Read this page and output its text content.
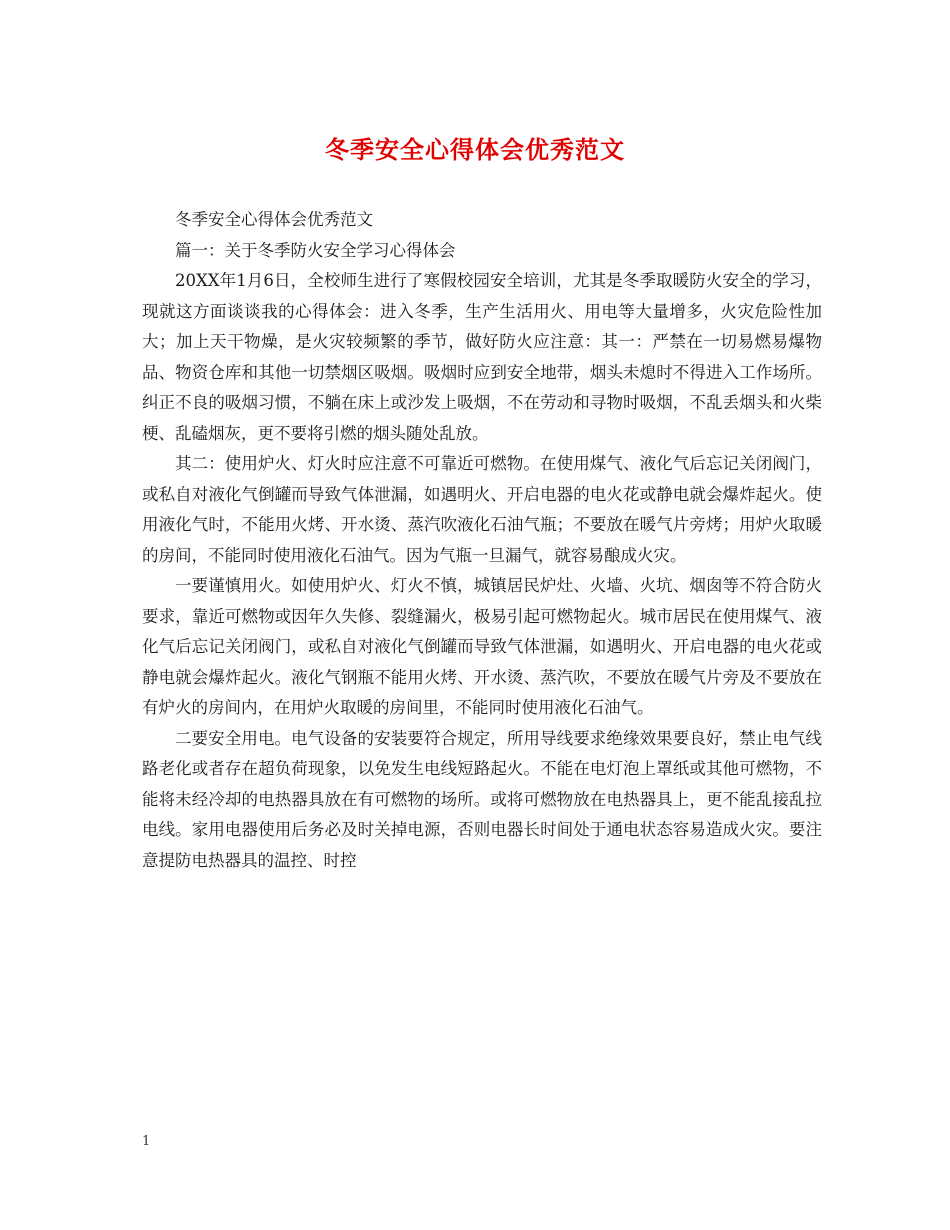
冬季安全心得体会优秀范文

冬季安全心得体会优秀范文

篇一：关于冬季防火安全学习心得体会

20XX年1月6日，全校师生进行了寒假校园安全培训，尤其是冬季取暖防火安全的学习，现就这方面谈谈我的心得体会：进入冬季，生产生活用火、用电等大量增多，火灾危险性加大；加上天干物燥，是火灾较频繁的季节，做好防火应注意：其一：严禁在一切易燃易爆物品、物资仓库和其他一切禁烟区吸烟。吸烟时应到安全地带，烟头未熄时不得进入工作场所。纠正不良的吸烟习惯，不躺在床上或沙发上吸烟，不在劳动和寻物时吸烟，不乱丢烟头和火柴梗、乱磕烟灰，更不要将引燃的烟头随处乱放。

其二：使用炉火、灯火时应注意不可靠近可燃物。在使用煤气、液化气后忘记关闭阀门，或私自对液化气倒罐而导致气体泄漏，如遇明火、开启电器的电火花或静电就会爆炸起火。使用液化气时，不能用火烤、开水烫、蒸汽吹液化石油气瓶；不要放在暖气片旁烤；用炉火取暖的房间，不能同时使用液化石油气。因为气瓶一旦漏气，就容易酿成火灾。

一要谨慎用火。如使用炉火、灯火不慎，城镇居民炉灶、火墙、火坑、烟囱等不符合防火要求，靠近可燃物或因年久失修、裂缝漏火，极易引起可燃物起火。城市居民在使用煤气、液化气后忘记关闭阀门，或私自对液化气倒罐而导致气体泄漏，如遇明火、开启电器的电火花或静电就会爆炸起火。液化气钢瓶不能用火烤、开水烫、蒸汽吹，不要放在暖气片旁及不要放在有炉火的房间内，在用炉火取暖的房间里，不能同时使用液化石油气。

二要安全用电。电气设备的安装要符合规定，所用导线要求绝缘效果要良好，禁止电气线路老化或者存在超负荷现象，以免发生电线短路起火。不能在电灯泡上罩纸或其他可燃物，不能将未经冷却的电热器具放在有可燃物的场所。或将可燃物放在电热器具上，更不能乱接乱拉电线。家用电器使用后务必及时关掉电源，否则电器长时间处于通电状态容易造成火灾。要注意提防电热器具的温控、时控

1
